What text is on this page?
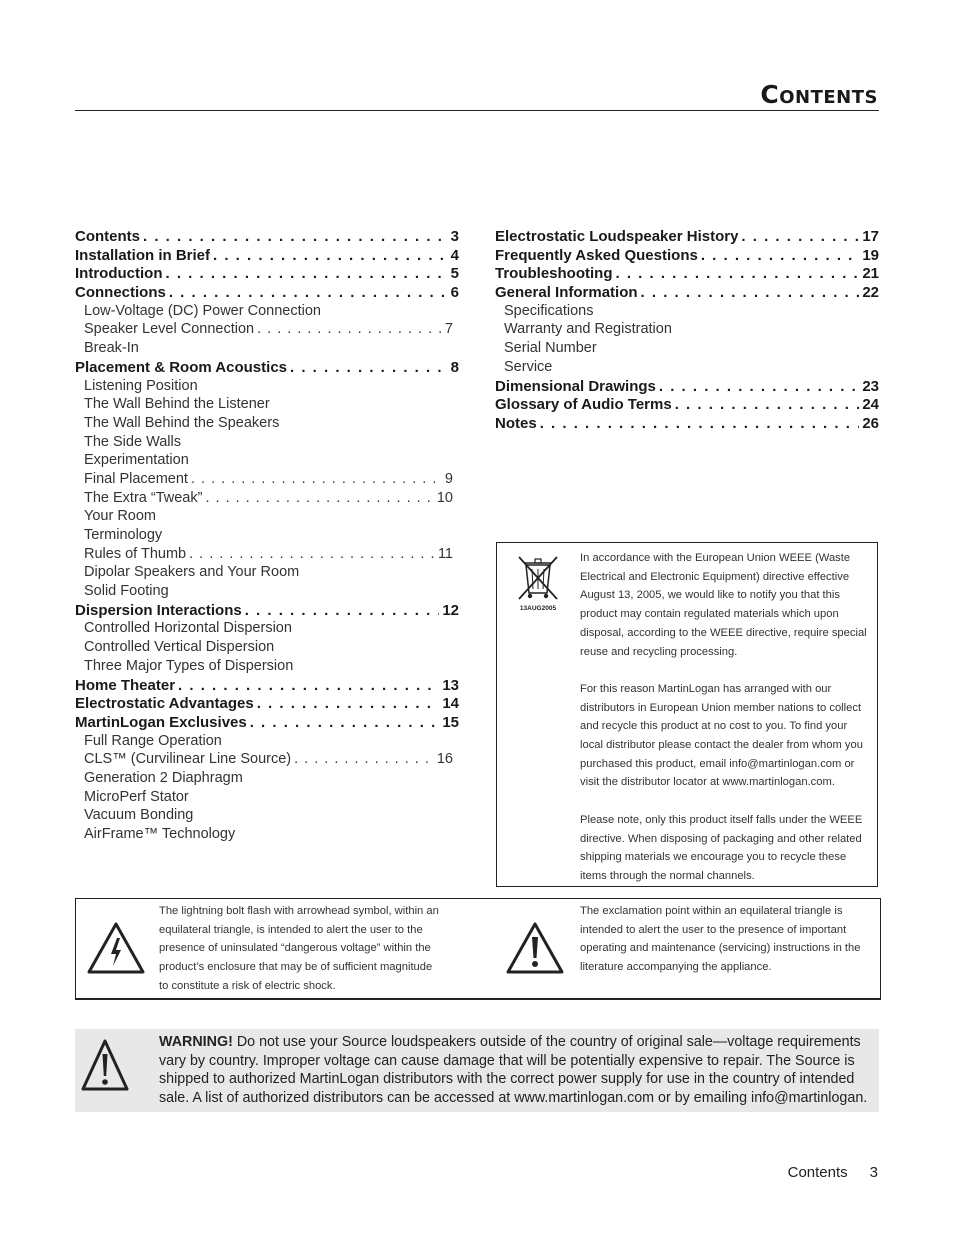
Contents
Contents . . .	3
Installation in Brief . . .	4
Introduction . . .	5
Connections . . .	6
Low-Voltage (DC) Power Connection
Speaker Level Connection . . .	7
Break-In
Placement & Room Acoustics . . .	8
Listening Position
The Wall Behind the Listener
The Wall Behind the Speakers
The Side Walls
Experimentation
Final Placement . . .	9
The Extra “Tweak” . . .	10
Your Room
Terminology
Rules of Thumb . . .	11
Dipolar Speakers and Your Room
Solid Footing
Dispersion Interactions . . .	12
Controlled Horizontal Dispersion
Controlled Vertical Dispersion
Three Major Types of Dispersion
Home Theater . . .	13
Electrostatic Advantages . . .	14
MartinLogan Exclusives . . .	15
Full Range Operation
CLS™ (Curvilinear Line Source) . . .	16
Generation 2 Diaphragm
MicroPerf Stator
Vacuum Bonding
AirFrame™ Technology
Electrostatic Loudspeaker History . . .	17
Frequently Asked Questions . . .	19
Troubleshooting . . .	21
General Information . . .	22
Specifications
Warranty and Registration
Serial Number
Service
Dimensional Drawings . . .	23
Glossary of Audio Terms . . .	24
Notes . . .	26
13AUG2005

In accordance with the European Union WEEE (Waste Electrical and Electronic Equipment) directive effective August 13, 2005, we would like to notify you that this product may contain regulated materials which upon disposal, according to the WEEE directive, require special reuse and recycling processing.

For this reason MartinLogan has arranged with our distributors in European Union member nations to collect and recycle this product at no cost to you. To find your local distributor please contact the dealer from whom you purchased this product, email info@martinlogan.com or visit the distributor locator at www.martinlogan.com.

Please note, only this product itself falls under the WEEE directive. When disposing of packaging and other related shipping materials we encourage you to recycle these items through the normal channels.

The lightning bolt flash with arrowhead symbol, within an equilateral triangle, is intended to alert the user to the presence of uninsulated “dangerous voltage” within the product’s enclosure that may be of sufficient magnitude to constitute a risk of electric shock.
The exclamation point within an equilateral triangle is intended to alert the user to the presence of important operating and maintenance (servicing) instructions in the literature accompanying the appliance.
WARNING! Do not use your Source loudspeakers outside of the country of original sale—voltage requirements vary by country. Improper voltage can cause damage that will be potentially expensive to repair. The Source is shipped to authorized MartinLogan distributors with the correct power supply for use in the country of intended sale. A list of authorized distributors can be accessed at www.martinlogan.com or by emailing info@martinlogan.
Contents 3
